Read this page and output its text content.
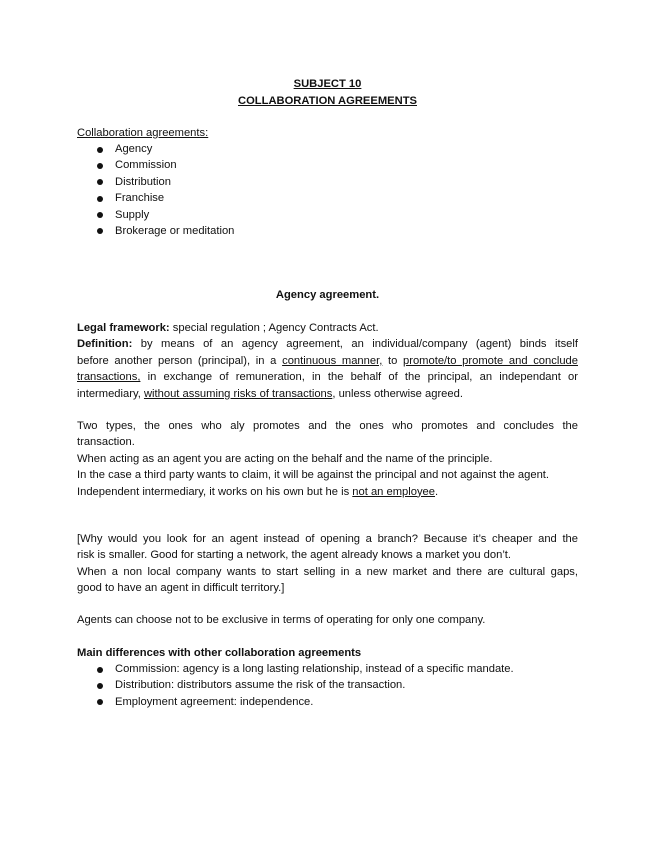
SUBJECT 10
COLLABORATION AGREEMENTS
Collaboration agreements:
Agency
Commission
Distribution
Franchise
Supply
Brokerage or meditation
Agency agreement.
Legal framework: special regulation ; Agency Contracts Act.
Definition: by means of an agency agreement, an individual/company (agent) binds itself
before another person (principal), in a continuous manner, to promote/to promote and conclude
transactions, in exchange of remuneration, in the behalf of the principal, an independant or
intermediary, without assuming risks of transactions, unless otherwise agreed.
Two types, the ones who aly promotes and the ones who promotes and concludes the
transaction.
When acting as an agent you are acting on the behalf and the name of the principle.
In the case a third party wants to claim, it will be against the principal and not against the agent.
Independent intermediary, it works on his own but he is not an employee.
[Why would you look for an agent instead of opening a branch? Because it’s cheaper and the
risk is smaller. Good for starting a network, the agent already knows a market you don’t.
When a non local company wants to start selling in a new market and there are cultural gaps,
good to have an agent in difficult territory.]
Agents can choose not to be exclusive in terms of operating for only one company.
Main differences with other collaboration agreements
Commission: agency is a long lasting relationship, instead of a specific mandate.
Distribution: distributors assume the risk of the transaction.
Employment agreement: independence.
